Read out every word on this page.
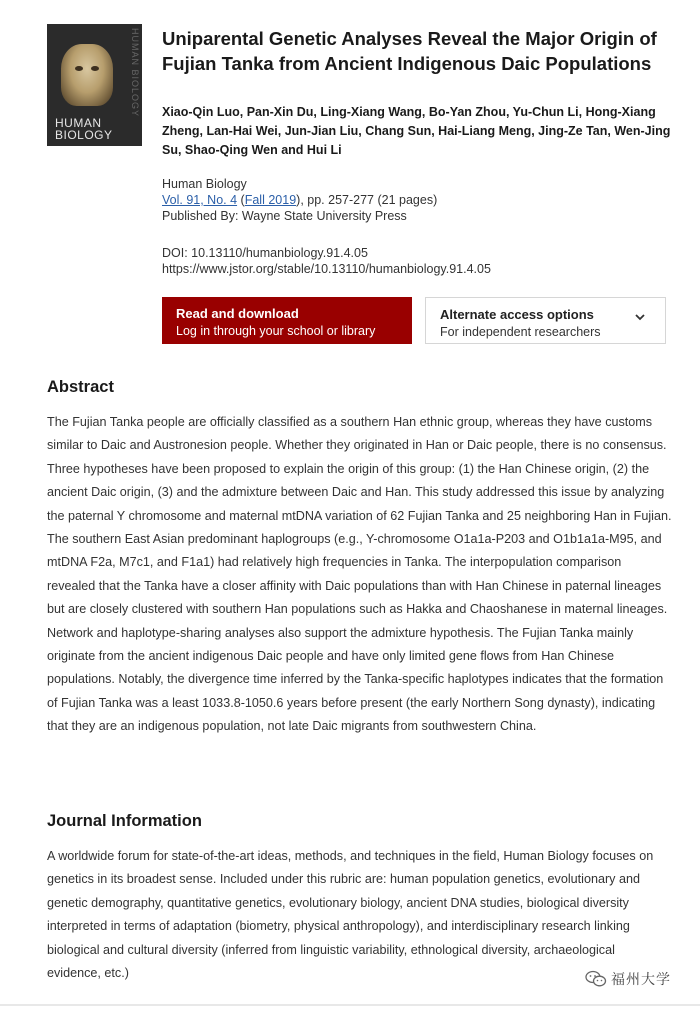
HUMAN BIOLOGY
HUMAN
BIOLOGY
Uniparental Genetic Analyses Reveal the Major Origin of Fujian Tanka from Ancient Indigenous Daic Populations
Xiao-Qin Luo, Pan-Xin Du, Ling-Xiang Wang, Bo-Yan Zhou, Yu-Chun Li, Hong-Xiang Zheng, Lan-Hai Wei, Jun-Jian Liu, Chang Sun, Hai-Liang Meng, Jing-Ze Tan, Wen-Jing Su, Shao-Qing Wen and Hui Li
Human Biology
Vol. 91, No. 4 (Fall 2019), pp. 257-277 (21 pages)
Published By: Wayne State University Press
DOI: 10.13110/humanbiology.91.4.05
https://www.jstor.org/stable/10.13110/humanbiology.91.4.05
Read and download
Log in through your school or library
Alternate access options
For independent researchers
Abstract

The Fujian Tanka people are officially classified as a southern Han ethnic group, whereas they have customs similar to Daic and Austronesion people. Whether they originated in Han or Daic people, there is no consensus. Three hypotheses have been proposed to explain the origin of this group: (1) the Han Chinese origin, (2) the ancient Daic origin, (3) and the admixture between Daic and Han. This study addressed this issue by analyzing the paternal Y chromosome and maternal mtDNA variation of 62 Fujian Tanka and 25 neighboring Han in Fujian. The southern East Asian predominant haplogroups (e.g., Y-chromosome O1a1a-P203 and O1b1a1a-M95, and mtDNA F2a, M7c1, and F1a1) had relatively high frequencies in Tanka. The interpopulation comparison revealed that the Tanka have a closer affinity with Daic populations than with Han Chinese in paternal lineages but are closely clustered with southern Han populations such as Hakka and Chaoshanese in maternal lineages. Network and haplotype-sharing analyses also support the admixture hypothesis. The Fujian Tanka mainly originate from the ancient indigenous Daic people and have only limited gene flows from Han Chinese populations. Notably, the divergence time inferred by the Tanka-specific haplotypes indicates that the formation of Fujian Tanka was a least 1033.8-1050.6 years before present (the early Northern Song dynasty), indicating that they are an indigenous population, not late Daic migrants from southwestern China.

Journal Information

A worldwide forum for state-of-the-art ideas, methods, and techniques in the field, Human Biology focuses on genetics in its broadest sense. Included under this rubric are: human population genetics, evolutionary and genetic demography, quantitative genetics, evolutionary biology, ancient DNA studies, biological diversity interpreted in terms of adaptation (biometry, physical anthropology), and interdisciplinary research linking biological and cultural diversity (inferred from linguistic variability, ethnological diversity, archaeological evidence, etc.)	福州大学
